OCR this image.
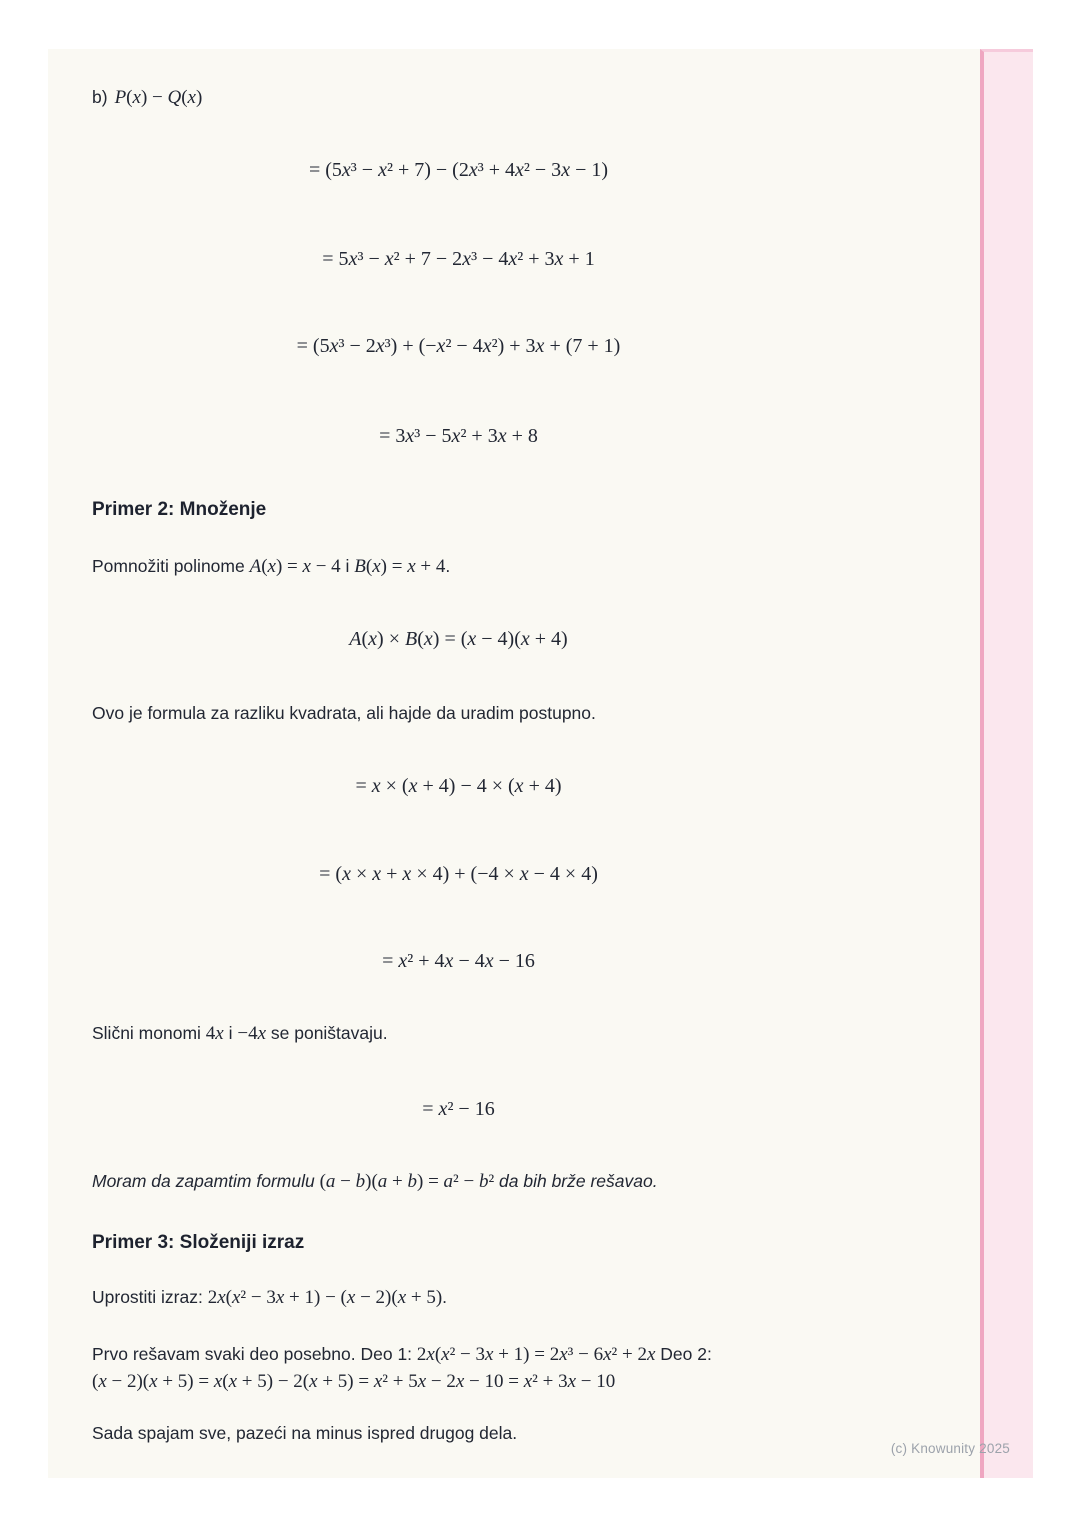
b) P(x) − Q(x)

= (5x³ − x² + 7) − (2x³ + 4x² − 3x − 1)
= 5x³ − x² + 7 − 2x³ − 4x² + 3x + 1
= (5x³ − 2x³) + (−x² − 4x²) + 3x + (7 + 1)
= 3x³ − 5x² + 3x + 8
Primer 2: Množenje

Pomnožiti polinome A(x) = x − 4 i B(x) = x + 4.

A(x) × B(x) = (x − 4)(x + 4)

Ovo je formula za razliku kvadrata, ali hajde da uradim postupno.

= x × (x + 4) − 4 × (x + 4)
= (x × x + x × 4) + (−4 × x − 4 × 4)
= x² + 4x − 4x − 16

Slični monomi 4x i −4x se poništavaju.

= x² − 16

Moram da zapamtim formulu (a − b)(a + b) = a² − b² da bih brže rešavao.

Primer 3: Složeniji izraz

Uprostiti izraz: 2x(x² − 3x + 1) − (x − 2)(x + 5).

Prvo rešavam svaki deo posebno. Deo 1: 2x(x² − 3x + 1) = 2x³ − 6x² + 2x Deo 2: (x − 2)(x + 5) = x(x + 5) − 2(x + 5) = x² + 5x − 2x − 10 = x² + 3x − 10

Sada spajam sve, pazeći na minus ispred drugog dela.

(c) Knowunity 2025
